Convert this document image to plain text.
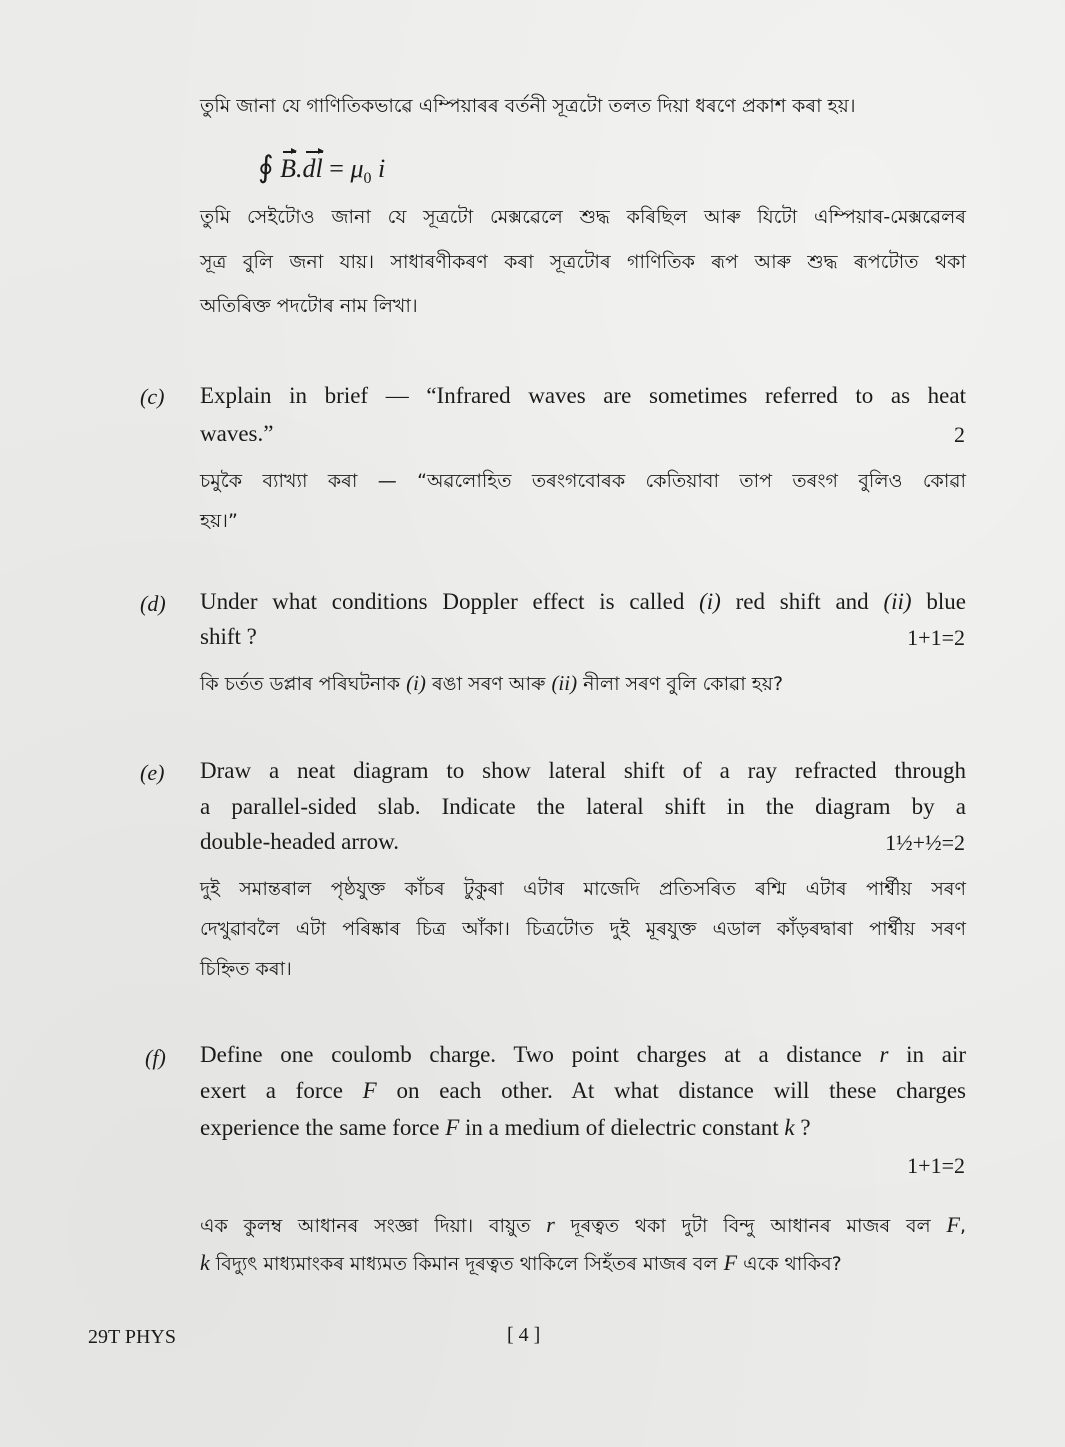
তুমি জানা যে গাণিতিকভাৱে এম্পিয়াৰৰ বৰ্তনী সূত্ৰটো তলত দিয়া ধৰণে প্ৰকাশ কৰা হয়।
∮ $B.dl = \mu_0$ i
তুমি সেইটোও জানা যে সূত্ৰটো মেক্সৱেলে শুদ্ধ কৰিছিল আৰু যিটো এম্পিয়াৰ-মেক্সৱেলৰ
সূত্ৰ বুলি জনা যায়। সাধাৰণীকৰণ কৰা সূত্ৰটোৰ গাণিতিক ৰূপ আৰু শুদ্ধ ৰূপটোত থকা
অতিৰিক্ত পদটোৰ নাম লিখা।
(c) Explain in brief — “Infrared waves are sometimes referred to as heat
waves.”	2
চমুকৈ ব্যাখ্যা কৰা — “অৱলোহিত তৰংগবোৰক কেতিয়াবা তাপ তৰংগ বুলিও কোৱা
হয়।”
(d) Under what conditions Doppler effect is called (i) red shift and (ii) blue
shift ?	1+1=2
কি চৰ্তত ডপ্লাৰ পৰিঘটনাক (i) ৰঙা সৰণ আৰু (ii) নীলা সৰণ বুলি কোৱা হয়?
(e) Draw a neat diagram to show lateral shift of a ray refracted through
a parallel-sided slab. Indicate the lateral shift in the diagram by a
double-headed arrow.	1½+½=2
দুই সমান্তৰাল পৃষ্ঠযুক্ত কাঁচৰ টুকুৰা এটাৰ মাজেদি প্ৰতিসৰিত ৰশ্মি এটাৰ পাৰ্শ্বীয় সৰণ
দেখুৱাবলৈ এটা পৰিষ্কাৰ চিত্ৰ আঁকা। চিত্ৰটোত দুই মূৰযুক্ত এডাল কাঁড়ৰদ্বাৰা পাৰ্শ্বীয় সৰণ
চিহ্নিত কৰা।
(f) Define one coulomb charge. Two point charges at a distance r in air
exert a force F on each other. At what distance will these charges
experience the same force F in a medium of dielectric constant k ?
1+1=2
এক কুলম্ব আধানৰ সংজ্ঞা দিয়া। বায়ুত r দূৰত্বত থকা দুটা বিন্দু আধানৰ মাজৰ বল F,
k বিদ্যুৎ মাধ্যমাংকৰ মাধ্যমত কিমান দূৰত্বত থাকিলে সিহঁতৰ মাজৰ বল F একে থাকিব?
29T PHYS	[ 4 ]
